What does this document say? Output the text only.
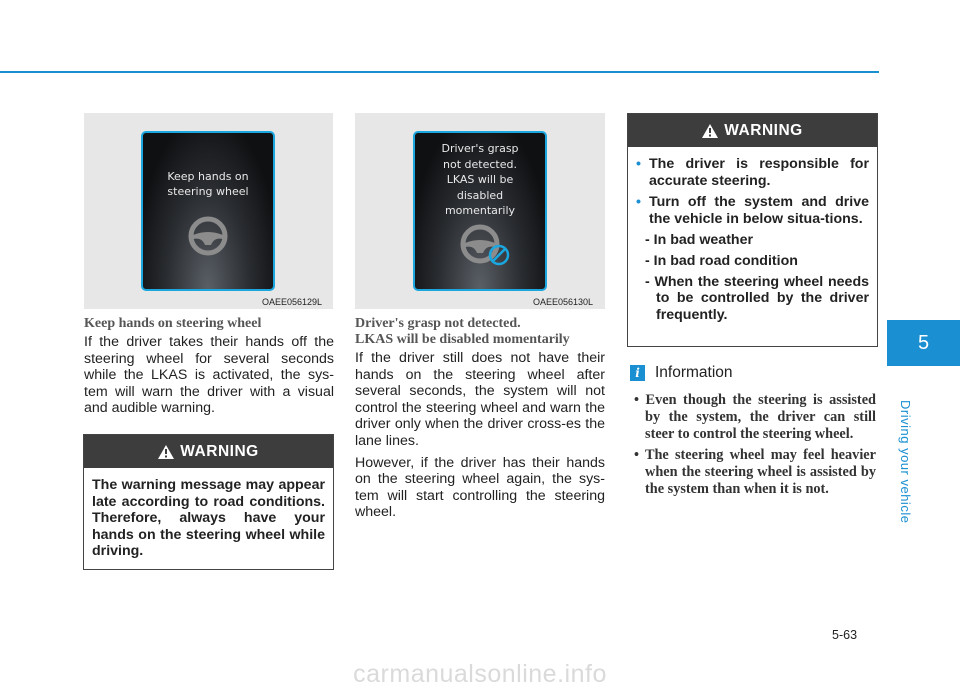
Keep hands on
steering wheel
OAEE056129L
Driver's grasp
not detected.
LKAS will be
disabled
momentarily
OAEE056130L
Keep hands on steering wheel

If the driver takes their hands off the steering wheel for several seconds while the LKAS is activated, the sys-tem will warn the driver with a visual and audible warning.

WARNING
The warning message may appear late according to road conditions. Therefore, always have your hands on the steering wheel while driving.
Driver's grasp not detected.
LKAS will be disabled momentarily

If the driver still does not have their hands on the steering wheel after several seconds, the system will not control the steering wheel and warn the driver only when the driver cross-es the lane lines.

However, if the driver has their hands on the steering wheel again, the sys-tem will start controlling the steering wheel.

WARNING
• The driver is responsible for accurate steering.
• Turn off the system and drive the vehicle in below situa-tions.
- In bad weather
- In bad road condition
- When the steering wheel needs to be controlled by the driver frequently.
i Information
• Even though the steering is assisted by the system, the driver can still steer to control the steering wheel.
• The steering wheel may feel heavier when the steering wheel is assisted by the system than when it is not.
5
Driving your vehicle
5-63
carmanualsonline.info
